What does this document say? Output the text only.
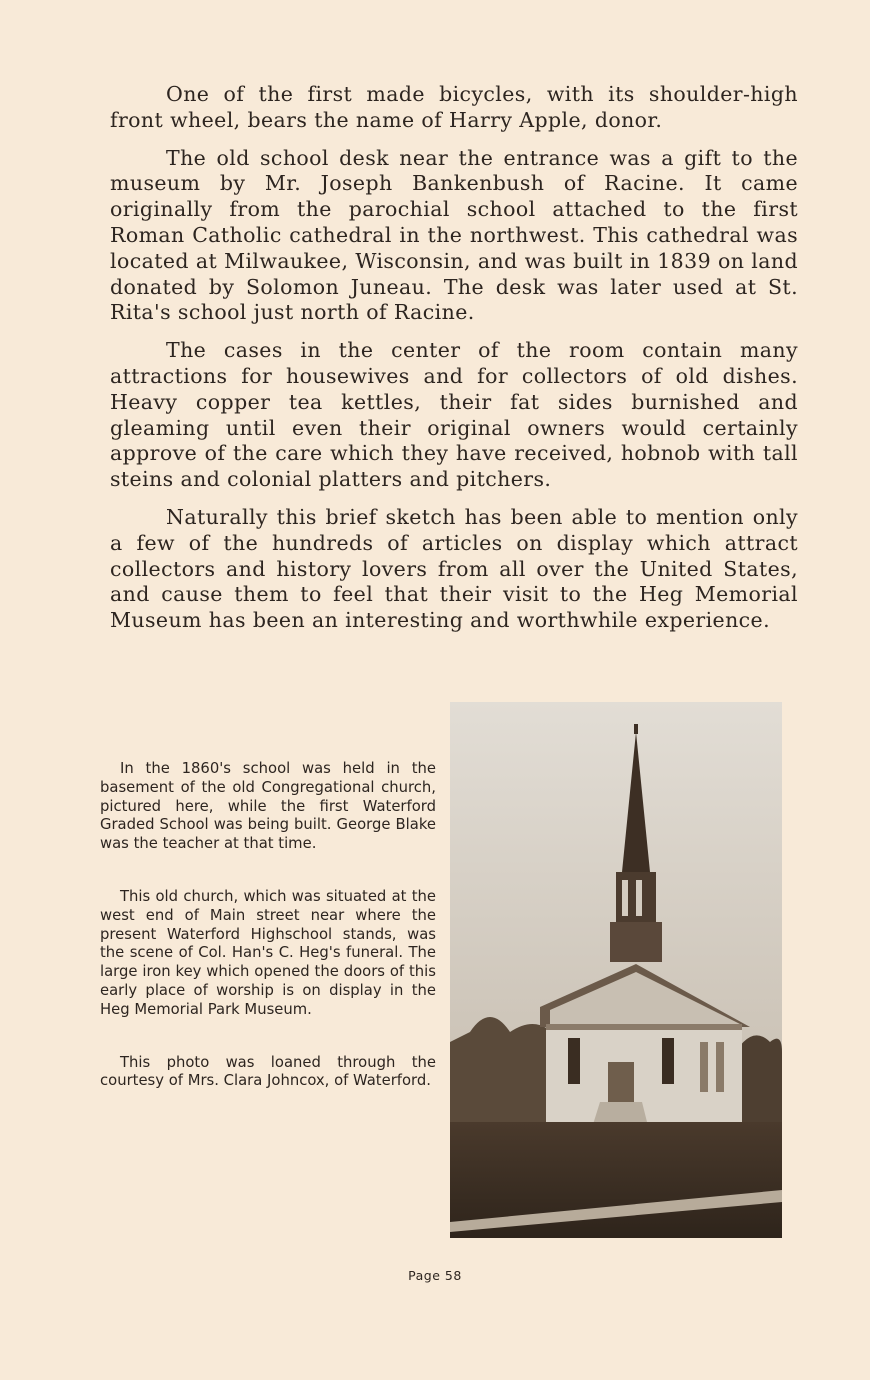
One of the first made bicycles, with its shoulder-high front wheel, bears the name of Harry Apple, donor.

The old school desk near the entrance was a gift to the museum by Mr. Joseph Bankenbush of Racine. It came originally from the parochial school attached to the first Roman Catholic cathedral in the northwest. This cathedral was located at Milwaukee, Wisconsin, and was built in 1839 on land donated by Solomon Juneau. The desk was later used at St. Rita's school just north of Racine.

The cases in the center of the room contain many attractions for housewives and for collectors of old dishes. Heavy copper tea kettles, their fat sides burnished and gleaming until even their original owners would certainly approve of the care which they have received, hobnob with tall steins and colonial platters and pitchers.

Naturally this brief sketch has been able to mention only a few of the hundreds of articles on display which attract collectors and history lovers from all over the United States, and cause them to feel that their visit to the Heg Memorial Museum has been an interesting and worthwhile experience.

In the 1860's school was held in the basement of the old Congregational church, pictured here, while the first Waterford Graded School was being built. George Blake was the teacher at that time.

This old church, which was situated at the west end of Main street near where the present Waterford Highschool stands, was the scene of Col. Han's C. Heg's funeral. The large iron key which opened the doors of this early place of worship is on display in the Heg Memorial Park Museum.

This photo was loaned through the courtesy of Mrs. Clara Johncox, of Waterford.

Page 58
